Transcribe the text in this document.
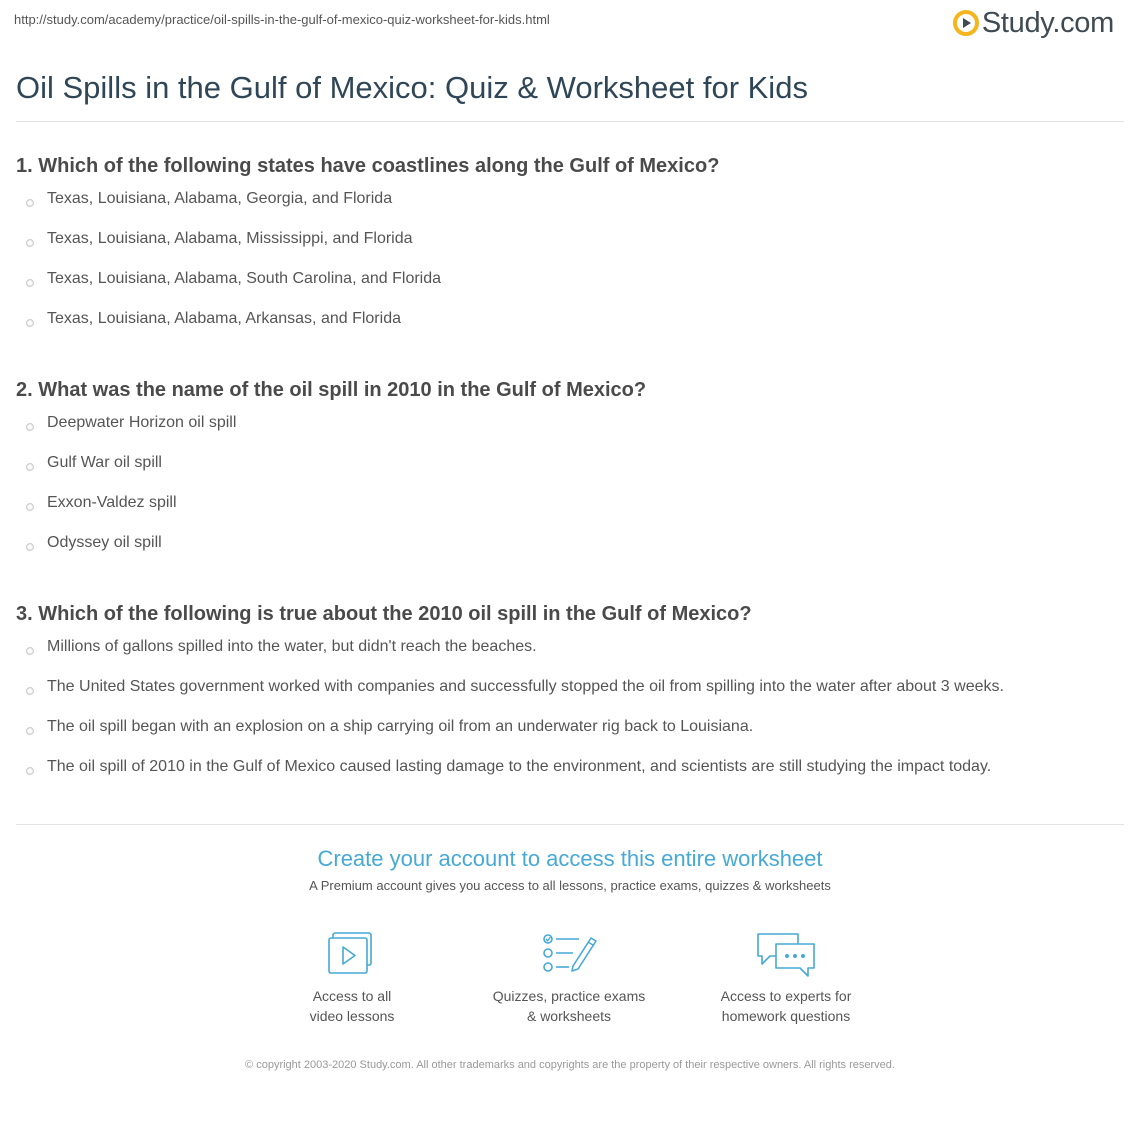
http://study.com/academy/practice/oil-spills-in-the-gulf-of-mexico-quiz-worksheet-for-kids.html	Study.com
Oil Spills in the Gulf of Mexico: Quiz & Worksheet for Kids
1. Which of the following states have coastlines along the Gulf of Mexico?
Texas, Louisiana, Alabama, Georgia, and Florida
Texas, Louisiana, Alabama, Mississippi, and Florida
Texas, Louisiana, Alabama, South Carolina, and Florida
Texas, Louisiana, Alabama, Arkansas, and Florida
2. What was the name of the oil spill in 2010 in the Gulf of Mexico?
Deepwater Horizon oil spill
Gulf War oil spill
Exxon-Valdez spill
Odyssey oil spill
3. Which of the following is true about the 2010 oil spill in the Gulf of Mexico?
Millions of gallons spilled into the water, but didn't reach the beaches.
The United States government worked with companies and successfully stopped the oil from spilling into the water after about 3 weeks.
The oil spill began with an explosion on a ship carrying oil from an underwater rig back to Louisiana.
The oil spill of 2010 in the Gulf of Mexico caused lasting damage to the environment, and scientists are still studying the impact today.

Create your account to access this entire worksheet

A Premium account gives you access to all lessons, practice exams, quizzes & worksheets

Access to all
video lessons
Quizzes, practice exams
& worksheets
Access to experts for
homework questions
© copyright 2003-2020 Study.com. All other trademarks and copyrights are the property of their respective owners. All rights reserved.
